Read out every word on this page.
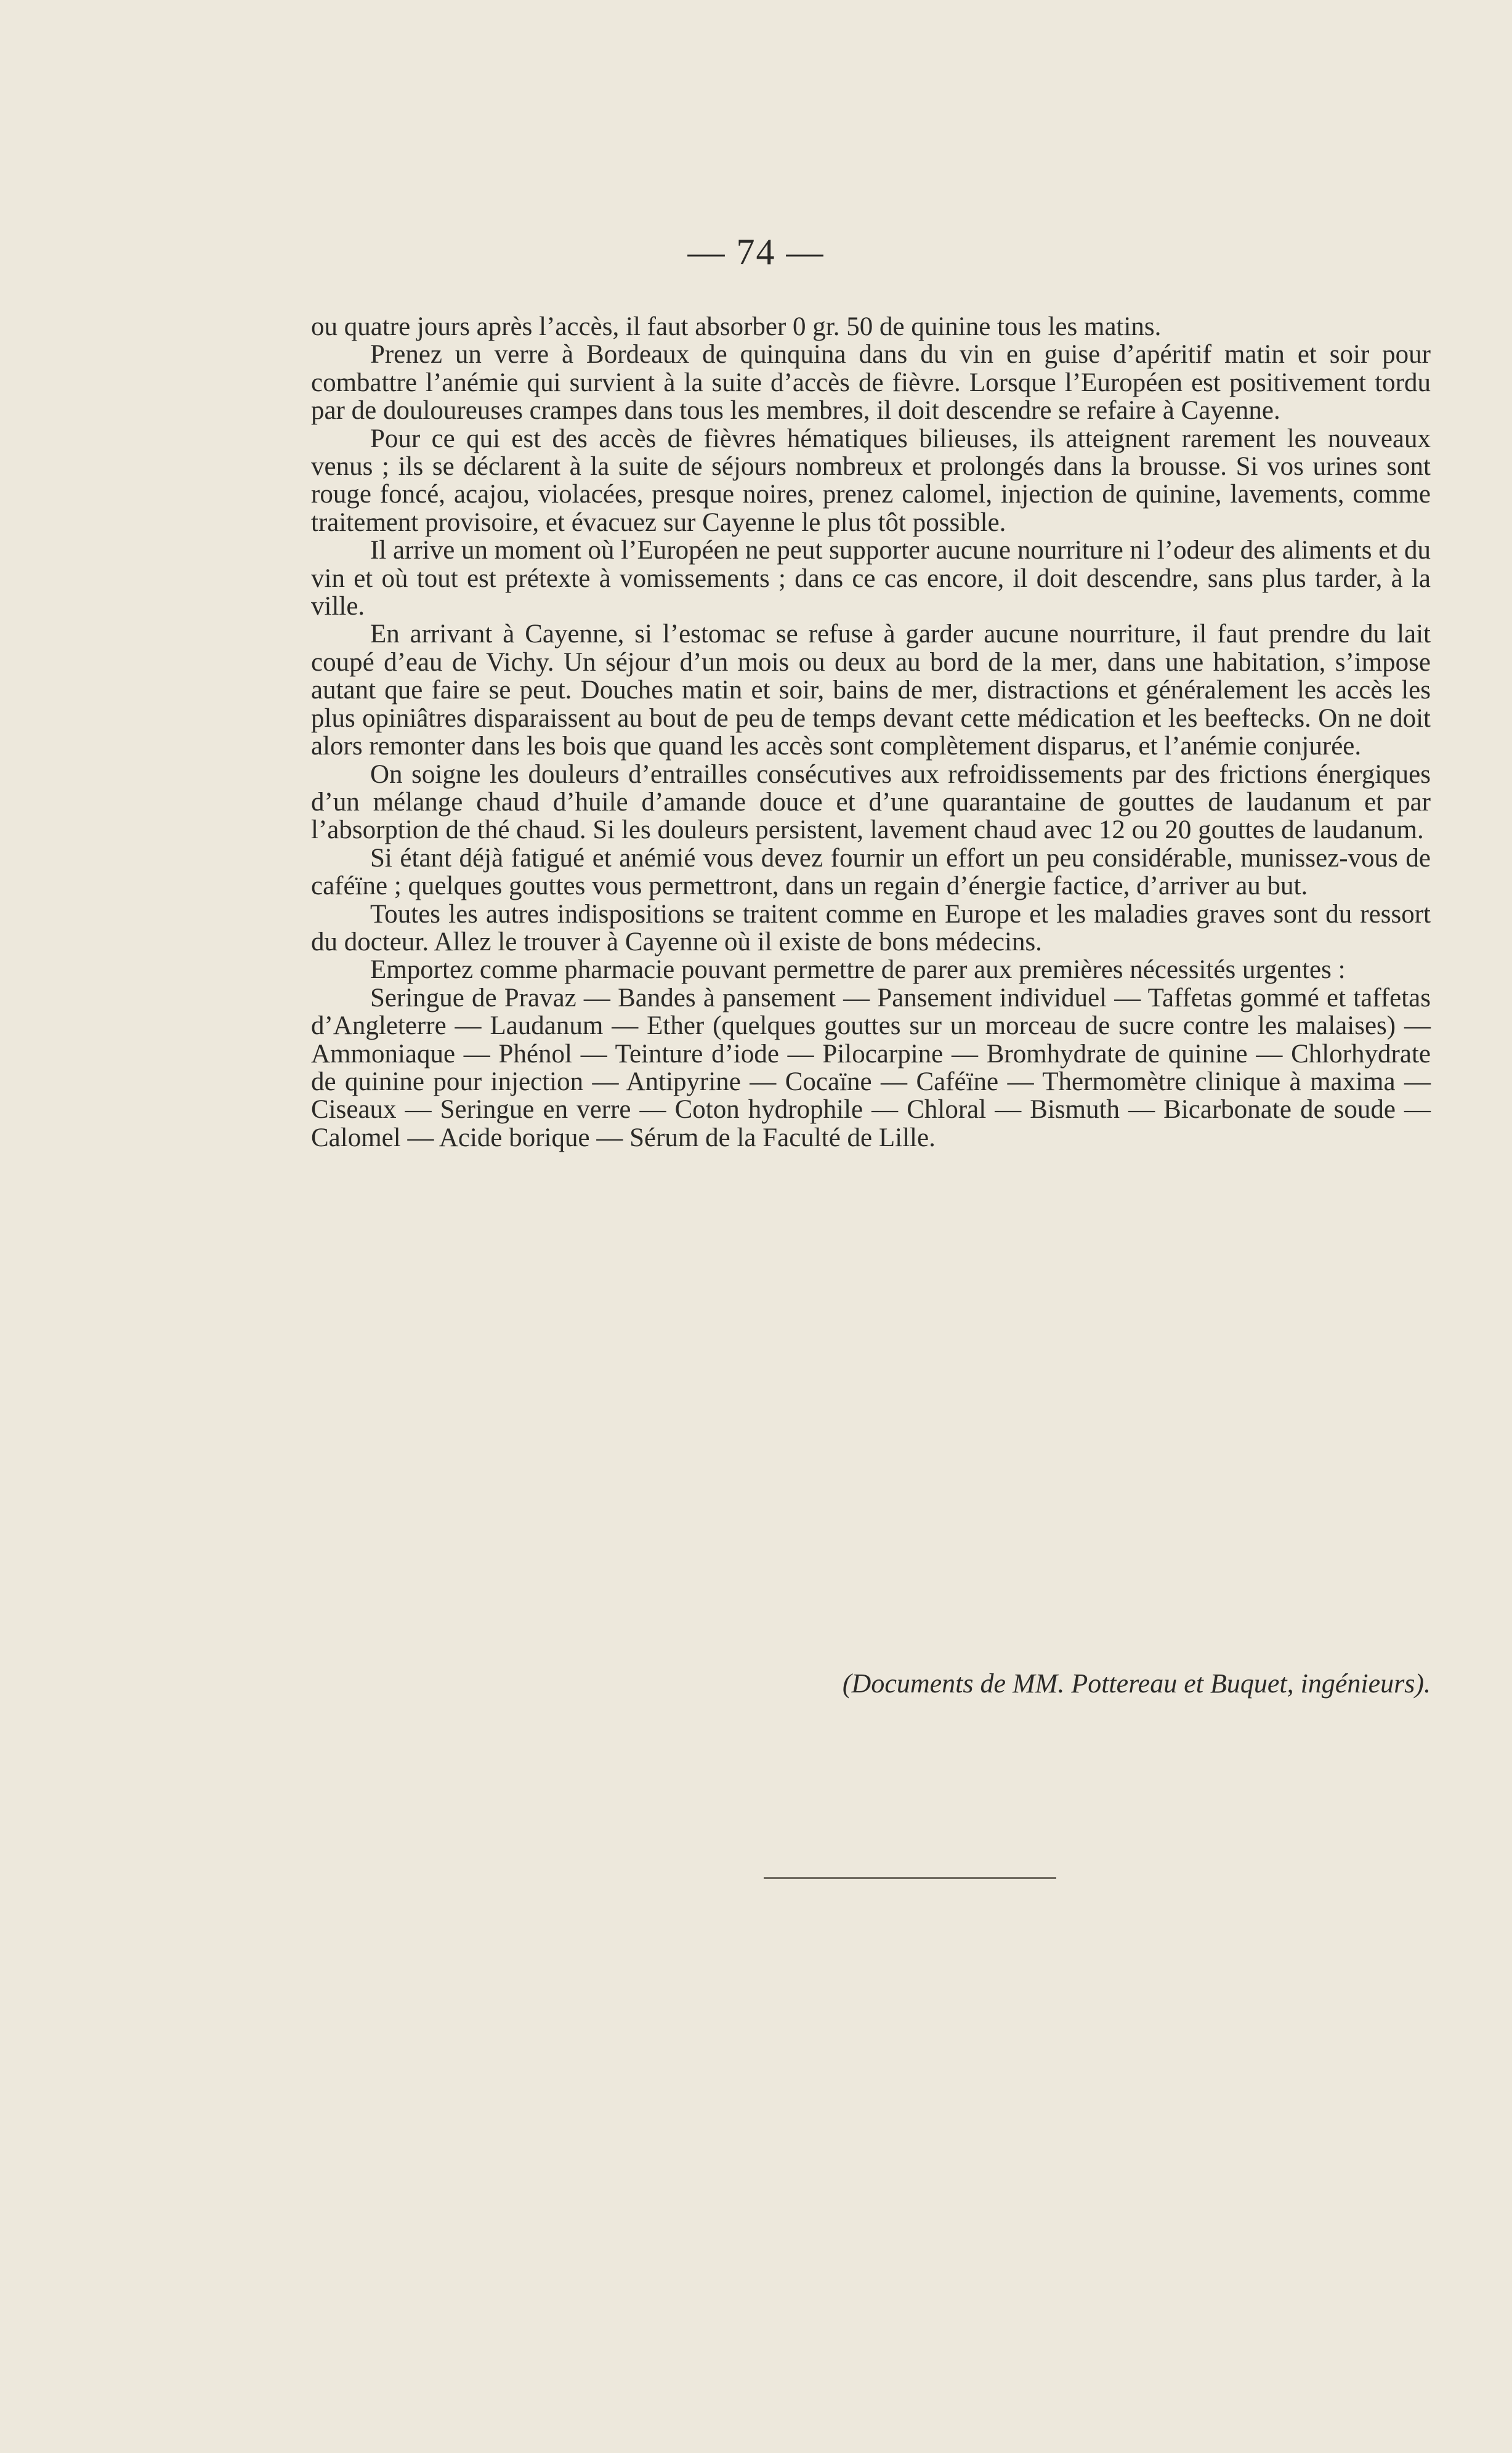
— 74 —

ou quatre jours après l’accès, il faut absorber 0 gr. 50 de quinine tous les matins.

Prenez un verre à Bordeaux de quinquina dans du vin en guise d’apéritif matin et soir pour combattre l’anémie qui survient à la suite d’accès de fièvre. Lorsque l’Européen est positivement tordu par de douloureuses crampes dans tous les membres, il doit descendre se refaire à Cayenne.

Pour ce qui est des accès de fièvres hématiques bilieuses, ils atteignent rarement les nouveaux venus ; ils se déclarent à la suite de séjours nombreux et prolongés dans la brousse. Si vos urines sont rouge foncé, acajou, violacées, presque noires, prenez calomel, injection de quinine, lavements, comme traitement provisoire, et évacuez sur Cayenne le plus tôt possible.

Il arrive un moment où l’Européen ne peut supporter aucune nourriture ni l’odeur des aliments et du vin et où tout est prétexte à vomissements ; dans ce cas encore, il doit descendre, sans plus tarder, à la ville.

En arrivant à Cayenne, si l’estomac se refuse à garder aucune nourriture, il faut prendre du lait coupé d’eau de Vichy. Un séjour d’un mois ou deux au bord de la mer, dans une habitation, s’impose autant que faire se peut. Douches matin et soir, bains de mer, distractions et généralement les accès les plus opiniâtres disparaissent au bout de peu de temps devant cette médication et les beeftecks. On ne doit alors remonter dans les bois que quand les accès sont complètement disparus, et l’anémie conjurée.

On soigne les douleurs d’entrailles consécutives aux refroidissements par des frictions énergiques d’un mélange chaud d’huile d’amande douce et d’une quarantaine de gouttes de laudanum et par l’absorption de thé chaud. Si les douleurs persistent, lavement chaud avec 12 ou 20 gouttes de laudanum.

Si étant déjà fatigué et anémié vous devez fournir un effort un peu considérable, munissez-vous de caféïne ; quelques gouttes vous permettront, dans un regain d’énergie factice, d’arriver au but.

Toutes les autres indispositions se traitent comme en Europe et les maladies graves sont du ressort du docteur. Allez le trouver à Cayenne où il existe de bons médecins.

Emportez comme pharmacie pouvant permettre de parer aux premières nécessités urgentes :

Seringue de Pravaz — Bandes à pansement — Pansement individuel — Taffetas gommé et taffetas d’Angleterre — Laudanum — Ether (quelques gouttes sur un morceau de sucre contre les malaises) — Ammoniaque — Phénol — Teinture d’iode — Pilocarpine — Bromhydrate de quinine — Chlorhydrate de quinine pour injection — Antipyrine — Cocaïne — Caféïne — Thermomètre clinique à maxima — Ciseaux — Seringue en verre — Coton hydrophile — Chloral — Bismuth — Bicarbonate de soude — Calomel — Acide borique — Sérum de la Faculté de Lille.

(Documents de MM. Pottereau et Buquet, ingénieurs).
